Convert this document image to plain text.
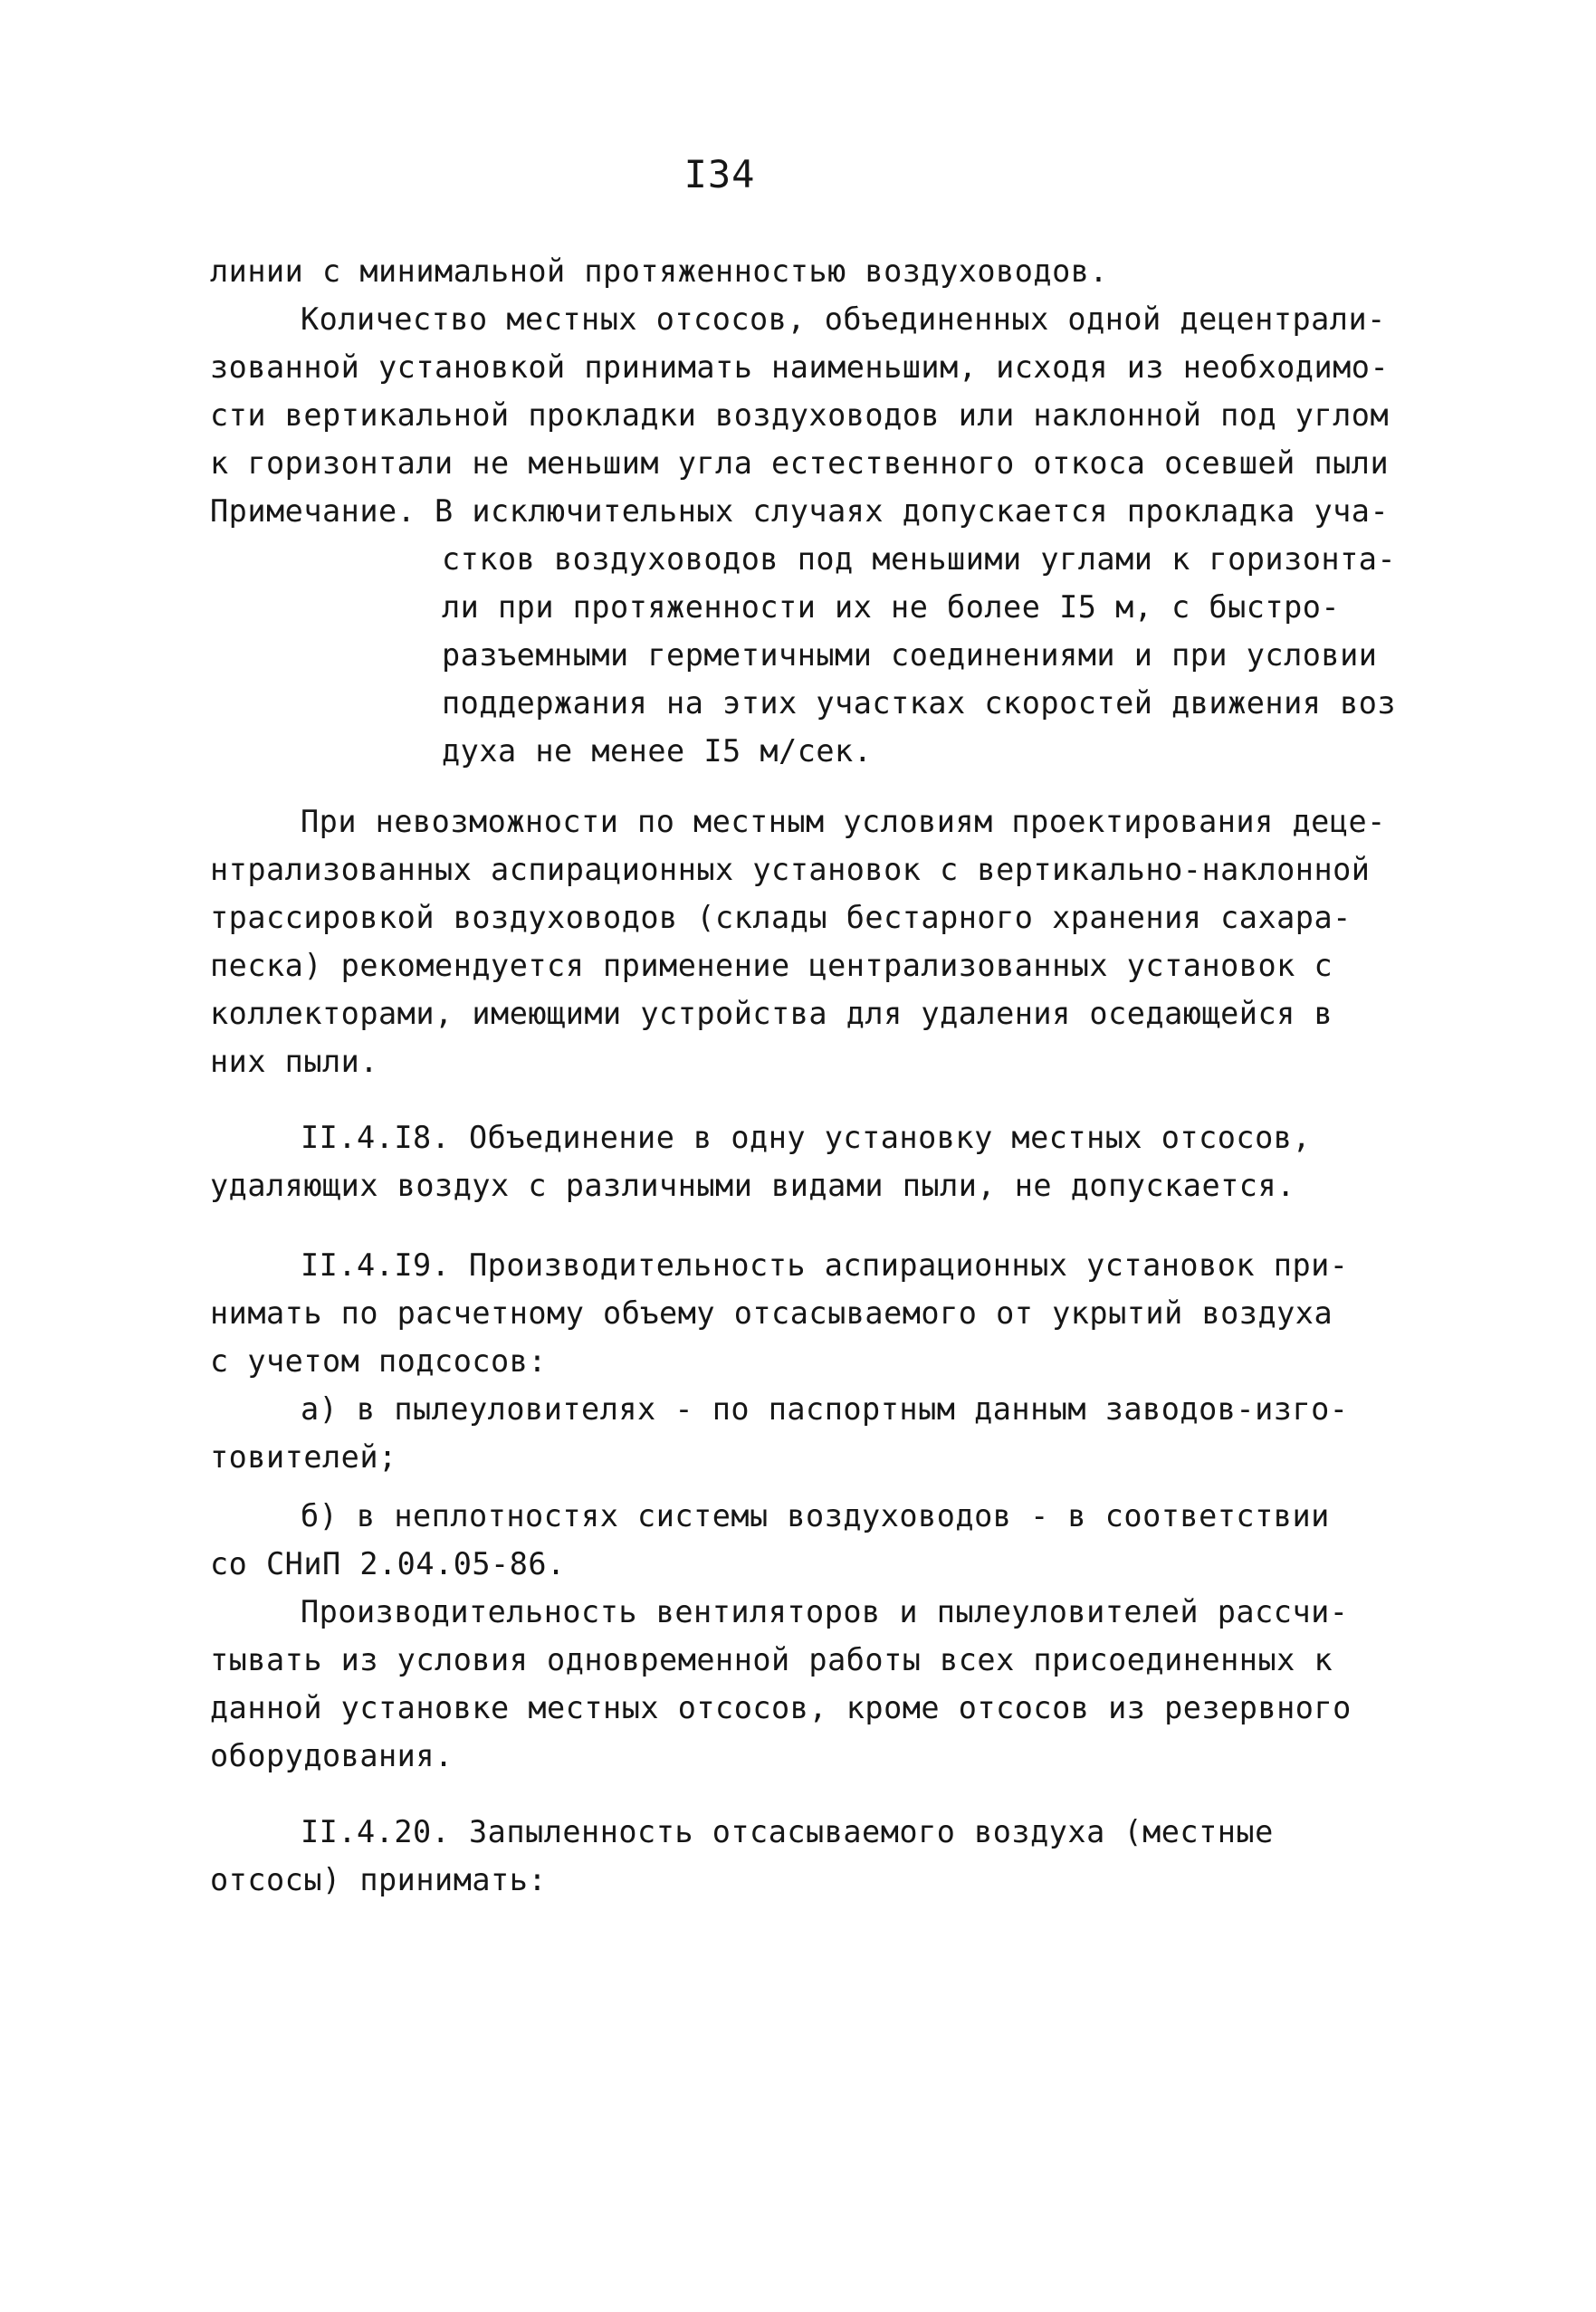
I34
линии с минимальной протяженностью воздуховодов.
Количество местных отсосов, объединенных одной децентрали-
зованной установкой принимать наименьшим, исходя из необходимо-
сти вертикальной прокладки воздуховодов или наклонной под углом
к горизонтали не меньшим угла естественного откоса осевшей пыли
Примечание. В исключительных случаях допускается прокладка уча-
стков воздуховодов под меньшими углами к горизонта-
ли при протяженности их не более I5 м, с быстро-
разъемными герметичными соединениями и при условии
поддержания на этих участках скоростей движения воз
духа не менее I5 м/сек.
При невозможности по местным условиям проектирования деце-
нтрализованных аспирационных установок с вертикально-наклонной
трассировкой воздуховодов (склады бестарного хранения сахара-
песка) рекомендуется применение централизованных установок с
коллекторами, имеющими устройства для удаления оседающейся в
них пыли.
II.4.I8. Объединение в одну установку местных отсосов,
удаляющих воздух с различными видами пыли, не допускается.
II.4.I9. Производительность аспирационных установок при-
нимать по расчетному объему отсасываемого от укрытий воздуха
с учетом подсосов:
а) в пылеуловителях - по паспортным данным заводов-изго-
товителей;
б) в неплотностях системы воздуховодов - в соответствии
со СНиП 2.04.05-86.
Производительность вентиляторов и пылеуловителей рассчи-
тывать из условия одновременной работы всех присоединенных к
данной установке местных отсосов, кроме отсосов из резервного
оборудования.
II.4.20. Запыленность отсасываемого воздуха (местные
отсосы) принимать:
